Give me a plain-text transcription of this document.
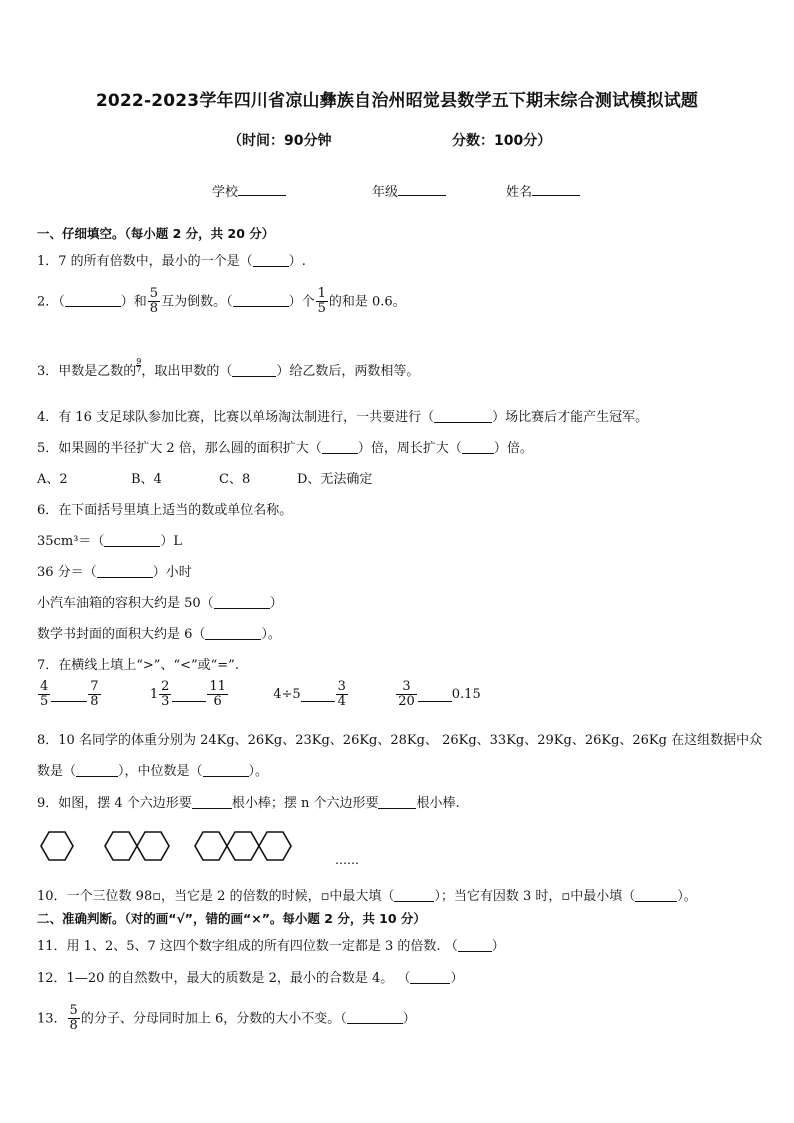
2022-2023学年四川省凉山彝族自治州昭觉县数学五下期末综合测试模拟试题
（时间：90分钟	分数：100分）
学校	年级	姓名
一、仔细填空。（每小题 2 分，共 20 分）
1．7 的所有倍数中，最小的一个是（	）.
2．（	）和 $\frac{5}{8}$ 互为倒数。（	）个 $\frac{1}{5}$ 的和是 0.6。
3．甲数是乙数的 $\frac{9}{7}$ ，取出甲数的（	）给乙数后，两数相等。
4．有 16 支足球队参加比赛，比赛以单场淘汰制进行，一共要进行（	）场比赛后才能产生冠军。
5．如果圆的半径扩大 2 倍，那么圆的面积扩大（	）倍，周长扩大（ ）倍。
A、2	B、4	C、8	D、无法确定
6．在下面括号里填上适当的数或单位名称。
35cm³＝（	）L
36 分＝（	）小时
小汽车油箱的容积大约是 50（	）
数学书封面的面积大约是 6（	）。
7．在横线上填上“>”、“<”或“=”.
$\frac{4}{5}$	$\frac{7}{8}$	$1 \frac{2}{3}$	$\frac{11}{6}$	4÷5	$\frac{3}{4}$
	$\frac{3}{20}$	0.15
8．10 名同学的体重分别为 24Kg、26Kg、23Kg、26Kg、28Kg、 26Kg、33Kg、29Kg、26Kg、26Kg 在这组数据中众
数是（	），中位数是（	）。
9．如图，摆 4 个六边形要	根小棒；摆 n 个六边形要	根小棒.
……
10．一个三位数 98▫，当它是 2 的倍数的时候，▫中最大填（	）；当它有因数 3 时，▫中最小填（	）。
二、准确判断。（对的画“√”，错的画“×”。每小题 2 分，共 10 分）
11．用 1、2、5、7 这四个数字组成的所有四位数一定都是 3 的倍数. （	）
12．1—20 的自然数中，最大的质数是 2，最小的合数是 4。 （	）
13． $\frac{5}{8}$ 的分子、分母同时加上 6，分数的大小不变。（	）
